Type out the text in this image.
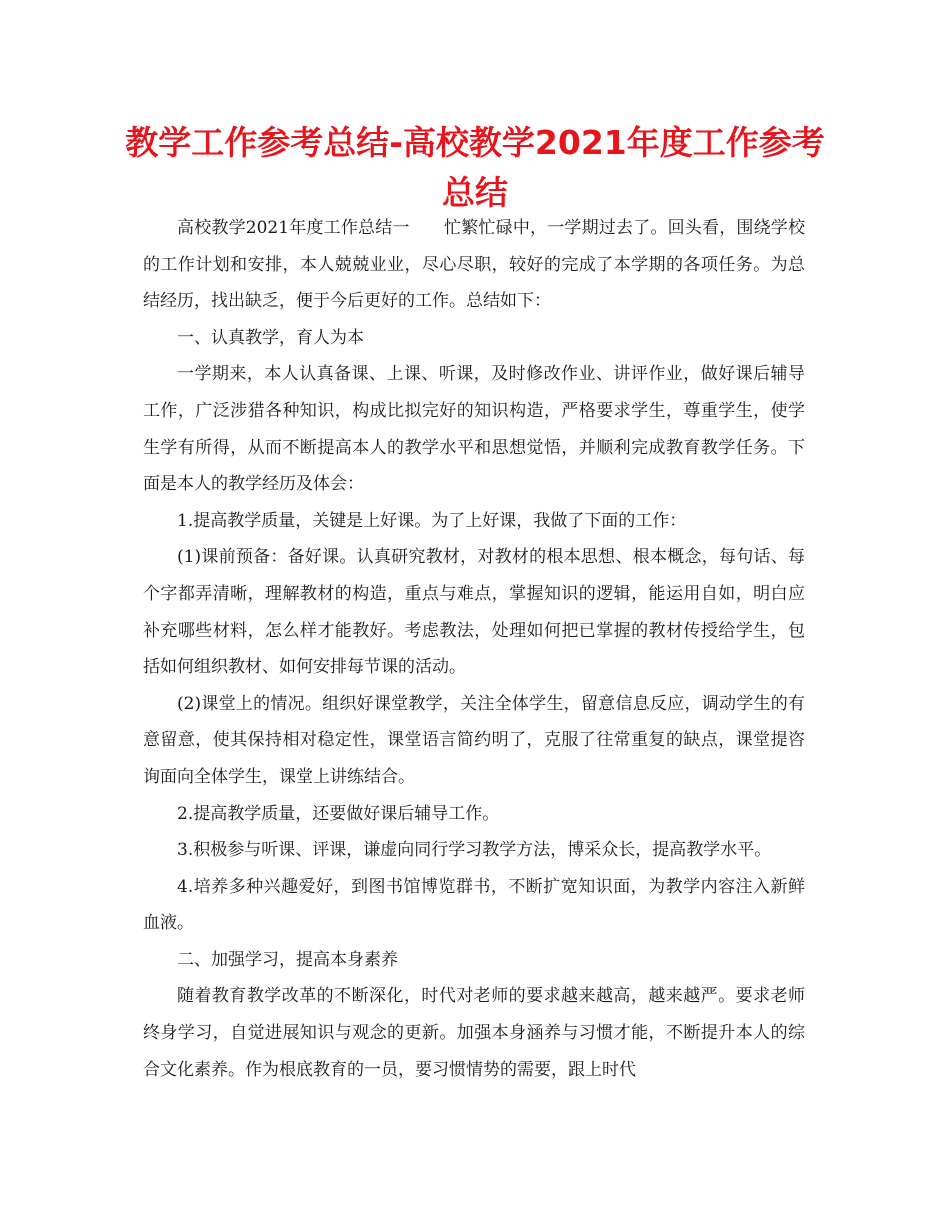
教学工作参考总结-高校教学2021年度工作参考总结

高校教学2021年度工作总结一　　忙繁忙碌中，一学期过去了。回头看，围绕学校的工作计划和安排，本人兢兢业业，尽心尽职，较好的完成了本学期的各项任务。为总结经历，找出缺乏，便于今后更好的工作。总结如下：

一、认真教学，育人为本

一学期来，本人认真备课、上课、听课，及时修改作业、讲评作业，做好课后辅导工作，广泛涉猎各种知识，构成比拟完好的知识构造，严格要求学生，尊重学生，使学生学有所得，从而不断提高本人的教学水平和思想觉悟，并顺利完成教育教学任务。下面是本人的教学经历及体会：

1.提高教学质量，关键是上好课。为了上好课，我做了下面的工作：

(1)课前预备：备好课。认真研究教材，对教材的根本思想、根本概念，每句话、每个字都弄清晰，理解教材的构造，重点与难点，掌握知识的逻辑，能运用自如，明白应补充哪些材料，怎么样才能教好。考虑教法，处理如何把已掌握的教材传授给学生，包括如何组织教材、如何安排每节课的活动。

(2)课堂上的情况。组织好课堂教学，关注全体学生，留意信息反应，调动学生的有意留意，使其保持相对稳定性，课堂语言简约明了，克服了往常重复的缺点，课堂提咨询面向全体学生，课堂上讲练结合。

2.提高教学质量，还要做好课后辅导工作。

3.积极参与听课、评课，谦虚向同行学习教学方法，博采众长，提高教学水平。

4.培养多种兴趣爱好，到图书馆博览群书，不断扩宽知识面，为教学内容注入新鲜血液。

二、加强学习，提高本身素养

随着教育教学改革的不断深化，时代对老师的要求越来越高，越来越严。要求老师终身学习，自觉进展知识与观念的更新。加强本身涵养与习惯才能，不断提升本人的综合文化素养。作为根底教育的一员，要习惯情势的需要，跟上时代
